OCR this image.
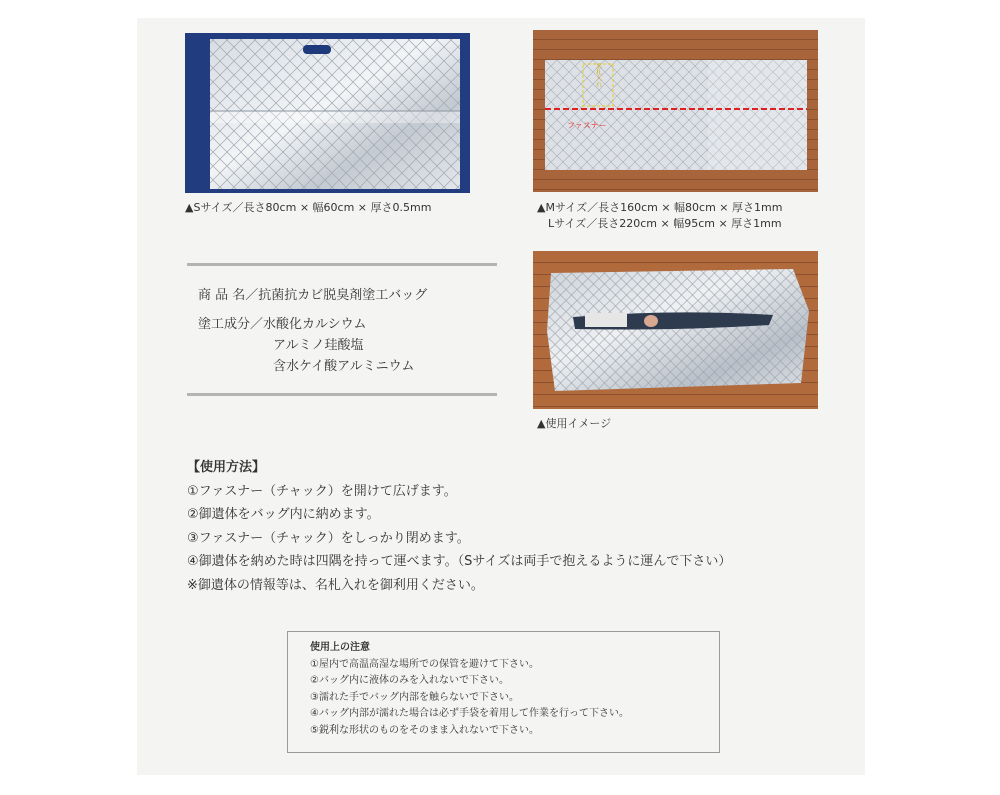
▲Sサイズ／長さ80cm × 幅60cm × 厚さ0.5mm
名札入れ
ファスナー
▲Mサイズ／長さ160cm × 幅80cm × 厚さ1mm
Lサイズ／長さ220cm × 幅95cm × 厚さ1mm
▲使用イメージ
商 品 名／抗菌抗カビ脱臭剤塗工バッグ
塗工成分／水酸化カルシウム
アルミノ珪酸塩
含水ケイ酸アルミニウム
【使用方法】
①ファスナー（チャック）を開けて広げます。
②御遺体をバッグ内に納めます。
③ファスナー（チャック）をしっかり閉めます。
④御遺体を納めた時は四隅を持って運べます。（Sサイズは両手で抱えるように運んで下さい）
※御遺体の情報等は、名札入れを御利用ください。
使用上の注意
①屋内で高温高湿な場所での保管を避けて下さい。
②バッグ内に液体のみを入れないで下さい。
③濡れた手でバッグ内部を触らないで下さい。
④バッグ内部が濡れた場合は必ず手袋を着用して作業を行って下さい。
⑤鋭利な形状のものをそのまま入れないで下さい。
